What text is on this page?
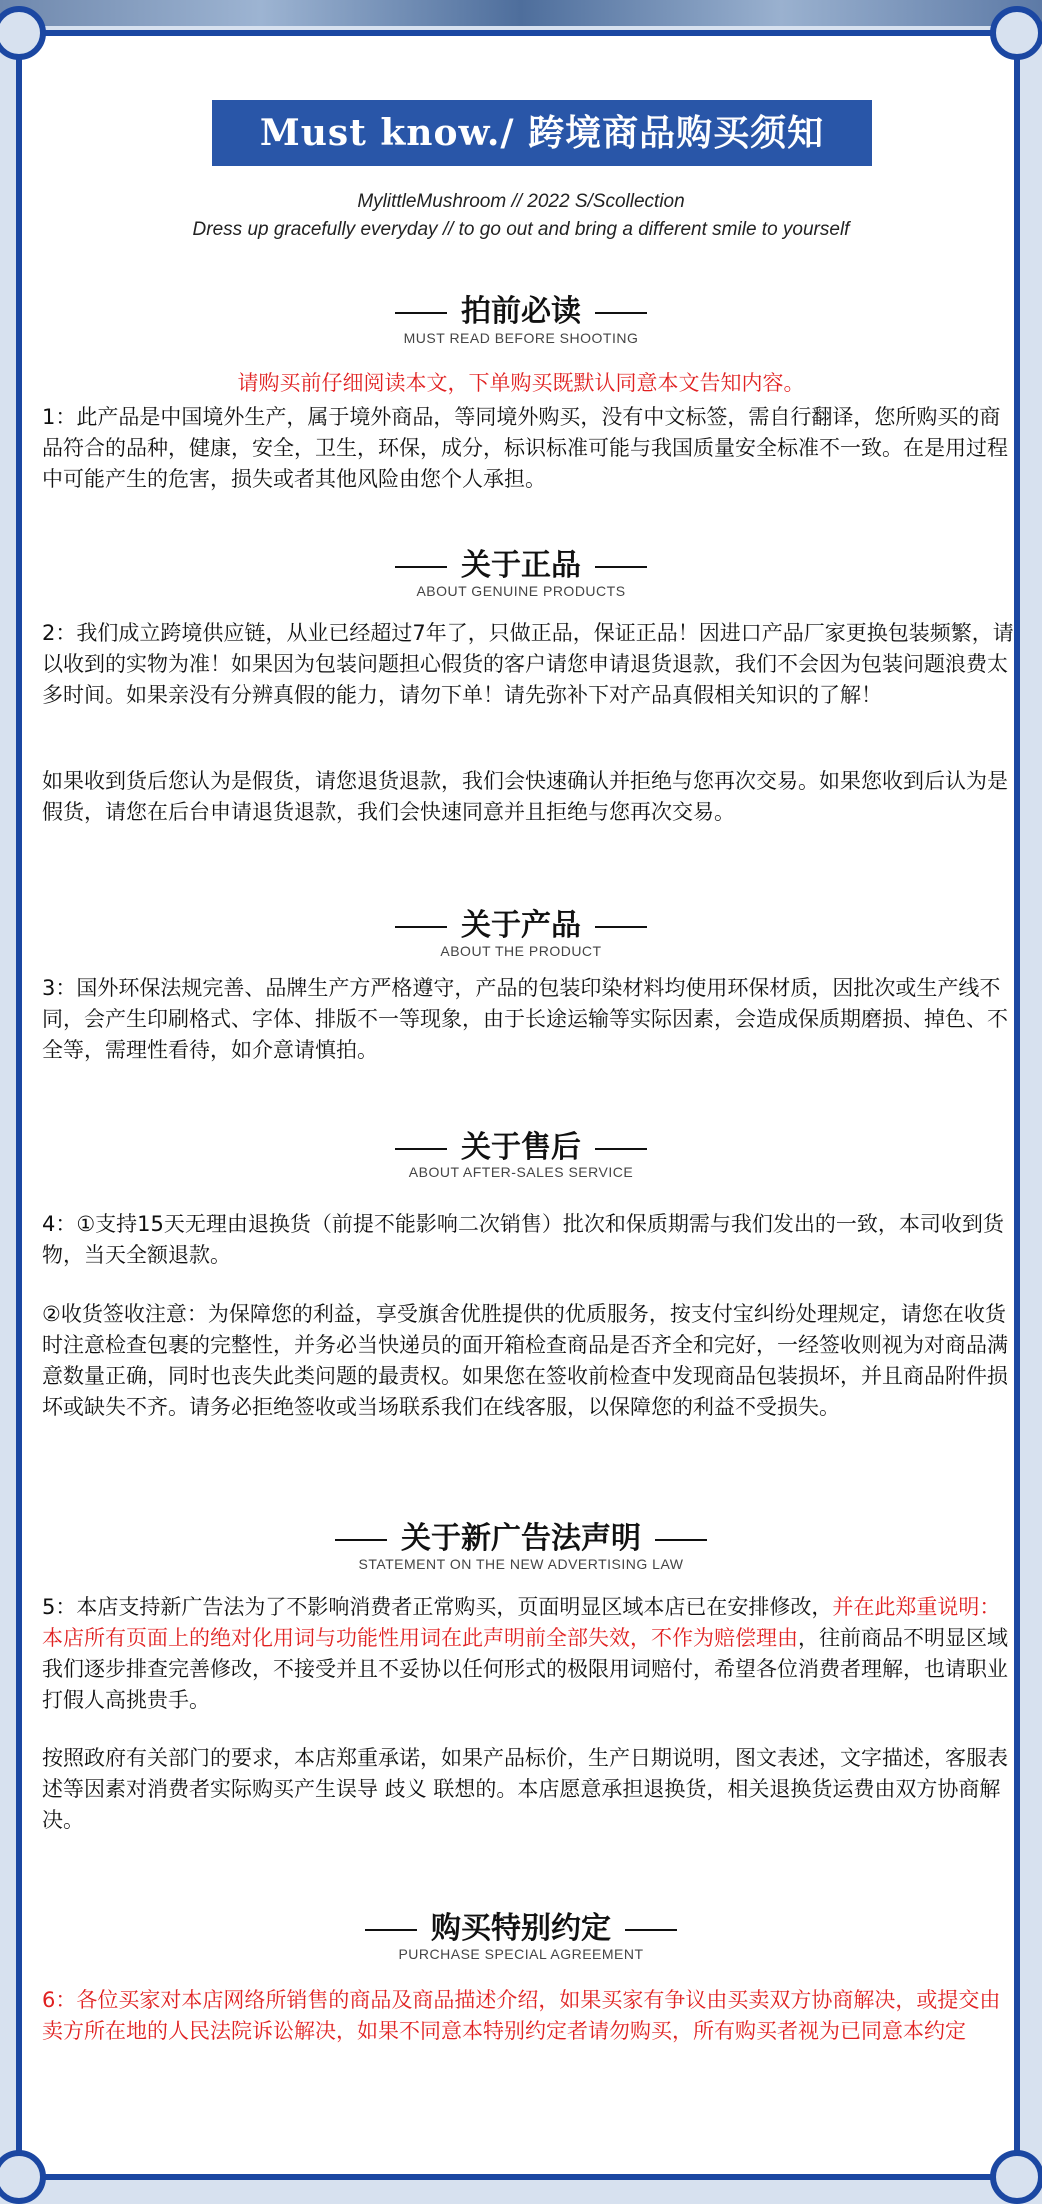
Must know./ 跨境商品购买须知
MylittleMushroom // 2022 S/Scollection
Dress up gracefully everyday // to go out and bring a different smile to yourself
拍前必读
MUST READ BEFORE SHOOTING
请购买前仔细阅读本文，下单购买既默认同意本文告知内容。
1：此产品是中国境外生产，属于境外商品，等同境外购买，没有中文标签，需自行翻译，您所购买的商品符合的品种，健康，安全，卫生，环保，成分，标识标准可能与我国质量安全标准不一致。在是用过程中可能产生的危害，损失或者其他风险由您个人承担。
关于正品
ABOUT GENUINE PRODUCTS
2：我们成立跨境供应链，从业已经超过7年了，只做正品，保证正品！因进口产品厂家更换包装频繁，请以收到的实物为准！如果因为包装问题担心假货的客户请您申请退货退款，我们不会因为包装问题浪费太多时间。如果亲没有分辨真假的能力，请勿下单！请先弥补下对产品真假相关知识的了解！
如果收到货后您认为是假货，请您退货退款，我们会快速确认并拒绝与您再次交易。如果您收到后认为是假货，请您在后台申请退货退款，我们会快速同意并且拒绝与您再次交易。
关于产品
ABOUT THE PRODUCT
3：国外环保法规完善、品牌生产方严格遵守，产品的包装印染材料均使用环保材质，因批次或生产线不同，会产生印刷格式、字体、排版不一等现象，由于长途运输等实际因素，会造成保质期磨损、掉色、不全等，需理性看待，如介意请慎拍。
关于售后
ABOUT AFTER-SALES SERVICE
4：①支持15天无理由退换货（前提不能影响二次销售）批次和保质期需与我们发出的一致，本司收到货物，当天全额退款。
②收货签收注意：为保障您的利益，享受旗舍优胜提供的优质服务，按支付宝纠纷处理规定，请您在收货时注意检查包裹的完整性，并务必当快递员的面开箱检查商品是否齐全和完好，一经签收则视为对商品满意数量正确，同时也丧失此类问题的最责权。如果您在签收前检查中发现商品包装损坏，并且商品附件损坏或缺失不齐。请务必拒绝签收或当场联系我们在线客服，以保障您的利益不受损失。
关于新广告法声明
STATEMENT ON THE NEW ADVERTISING LAW
5：本店支持新广告法为了不影响消费者正常购买，页面明显区域本店已在安排修改，并在此郑重说明：本店所有页面上的绝对化用词与功能性用词在此声明前全部失效，不作为赔偿理由，往前商品不明显区域我们逐步排查完善修改，不接受并且不妥协以任何形式的极限用词赔付，希望各位消费者理解，也请职业打假人高挑贵手。
按照政府有关部门的要求，本店郑重承诺，如果产品标价，生产日期说明，图文表述，文字描述，客服表述等因素对消费者实际购买产生误导 歧义 联想的。本店愿意承担退换货，相关退换货运费由双方协商解决。
购买特别约定
PURCHASE SPECIAL AGREEMENT
6：各位买家对本店网络所销售的商品及商品描述介绍，如果买家有争议由买卖双方协商解决，或提交由卖方所在地的人民法院诉讼解决，如果不同意本特别约定者请勿购买，所有购买者视为已同意本约定
